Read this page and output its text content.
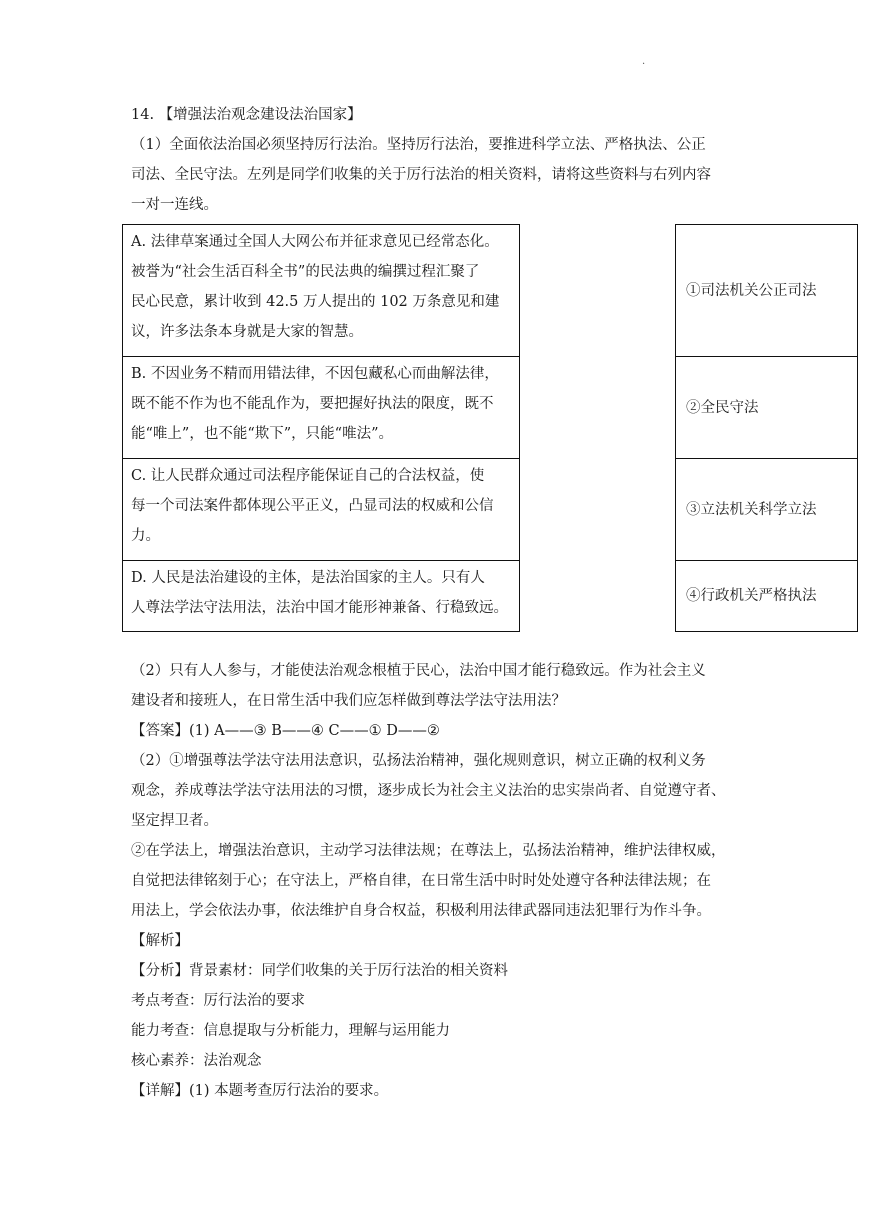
.

14. 【增强法治观念建设法治国家】

（1）全面依法治国必须坚持厉行法治。坚持厉行法治，要推进科学立法、严格执法、公正
司法、全民守法。左列是同学们收集的关于厉行法治的相关资料，请将这些资料与右列内容
一对一连线。
A. 法律草案通过全国人大网公布并征求意见已经常态化。
被誉为“社会生活百科全书”的民法典的编撰过程汇聚了
民心民意，累计收到 42.5 万人提出的 102 万条意见和建
议，许多法条本身就是大家的智慧。
B. 不因业务不精而用错法律，不因包藏私心而曲解法律，
既不能不作为也不能乱作为，要把握好执法的限度，既不
能“唯上”，也不能“欺下”，只能“唯法”。
C. 让人民群众通过司法程序能保证自己的合法权益，使
每一个司法案件都体现公平正义，凸显司法的权威和公信
力。
D. 人民是法治建设的主体，是法治国家的主人。只有人
人尊法学法守法用法，法治中国才能形神兼备、行稳致远。
①司法机关公正司法
②全民守法
③立法机关科学立法
④行政机关严格执法
（2）只有人人参与，才能使法治观念根植于民心，法治中国才能行稳致远。作为社会主义
建设者和接班人，在日常生活中我们应怎样做到尊法学法守法用法？
【答案】(1) A——③ B——④ C——① D——②
（2）①增强尊法学法守法用法意识，弘扬法治精神，强化规则意识，树立正确的权利义务
观念，养成尊法学法守法用法的习惯，逐步成长为社会主义法治的忠实崇尚者、自觉遵守者、
坚定捍卫者。
②在学法上，增强法治意识，主动学习法律法规；在尊法上，弘扬法治精神，维护法律权威，
自觉把法律铭刻于心；在守法上，严格自律，在日常生活中时时处处遵守各种法律法规；在
用法上，学会依法办事，依法维护自身合权益，积极利用法律武器同违法犯罪行为作斗争。
【解析】
【分析】背景素材：同学们收集的关于厉行法治的相关资料
考点考查：厉行法治的要求
能力考查：信息提取与分析能力，理解与运用能力
核心素养：法治观念
【详解】(1) 本题考查厉行法治的要求。
